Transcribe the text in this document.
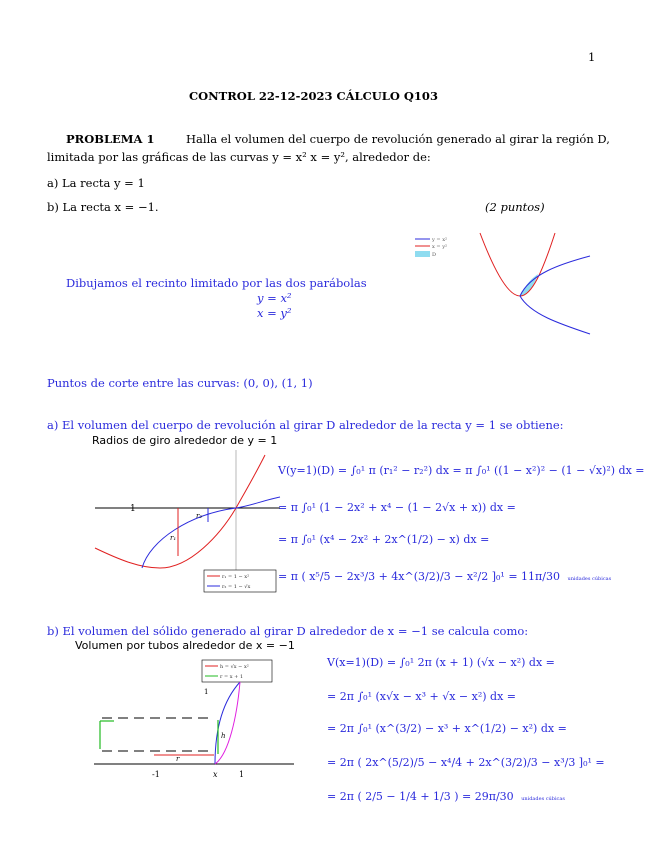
1
CONTROL 22-12-2023 CÁLCULO Q103
PROBLEMA 1	Halla el volumen del cuerpo de revolución generado al girar la región D,
limitada por las gráficas de las curvas y = x² x = y², alrededor de:
a) La recta y = 1
b) La recta x = −1.	(2 puntos)
y = x²
x = y²
D
Dibujamos el recinto limitado por las dos parábolas
y = x²
x = y²
Puntos de corte entre las curvas: (0, 0), (1, 1)
a) El volumen del cuerpo de revolución al girar D alrededor de la recta y = 1 se obtiene:
Radios de giro alrededor de y = 1
1
r₁
r₂
r₁ = 1 − x²
r₂ = 1 − √x
V(y=1)(D) = ∫₀¹ π (r₁² − r₂²) dx = π ∫₀¹ ((1 − x²)² − (1 − √x)²) dx =
= π ∫₀¹ (1 − 2x² + x⁴ − (1 − 2√x + x)) dx =
= π ∫₀¹ (x⁴ − 2x² + 2x^(1/2) − x) dx =
= π ( x⁵/5 − 2x³/3 + 4x^(3/2)/3 − x²/2 ]₀¹ = 11π/30 unidades cúbicas
b) El volumen del sólido generado al girar D alrededor de x = −1 se calcula como:
Volumen por tubos alrededor de x = −1
h = √x − x²
r = x + 1
1
r
h
-1	x	1
V(x=1)(D) = ∫₀¹ 2π (x + 1) (√x − x²) dx =
= 2π ∫₀¹ (x√x − x³ + √x − x²) dx =
= 2π ∫₀¹ (x^(3/2) − x³ + x^(1/2) − x²) dx =
= 2π ( 2x^(5/2)/5 − x⁴/4 + 2x^(3/2)/3 − x³/3 ]₀¹ =
= 2π ( 2/5 − 1/4 + 1/3 ) = 29π/30 unidades cúbicas
